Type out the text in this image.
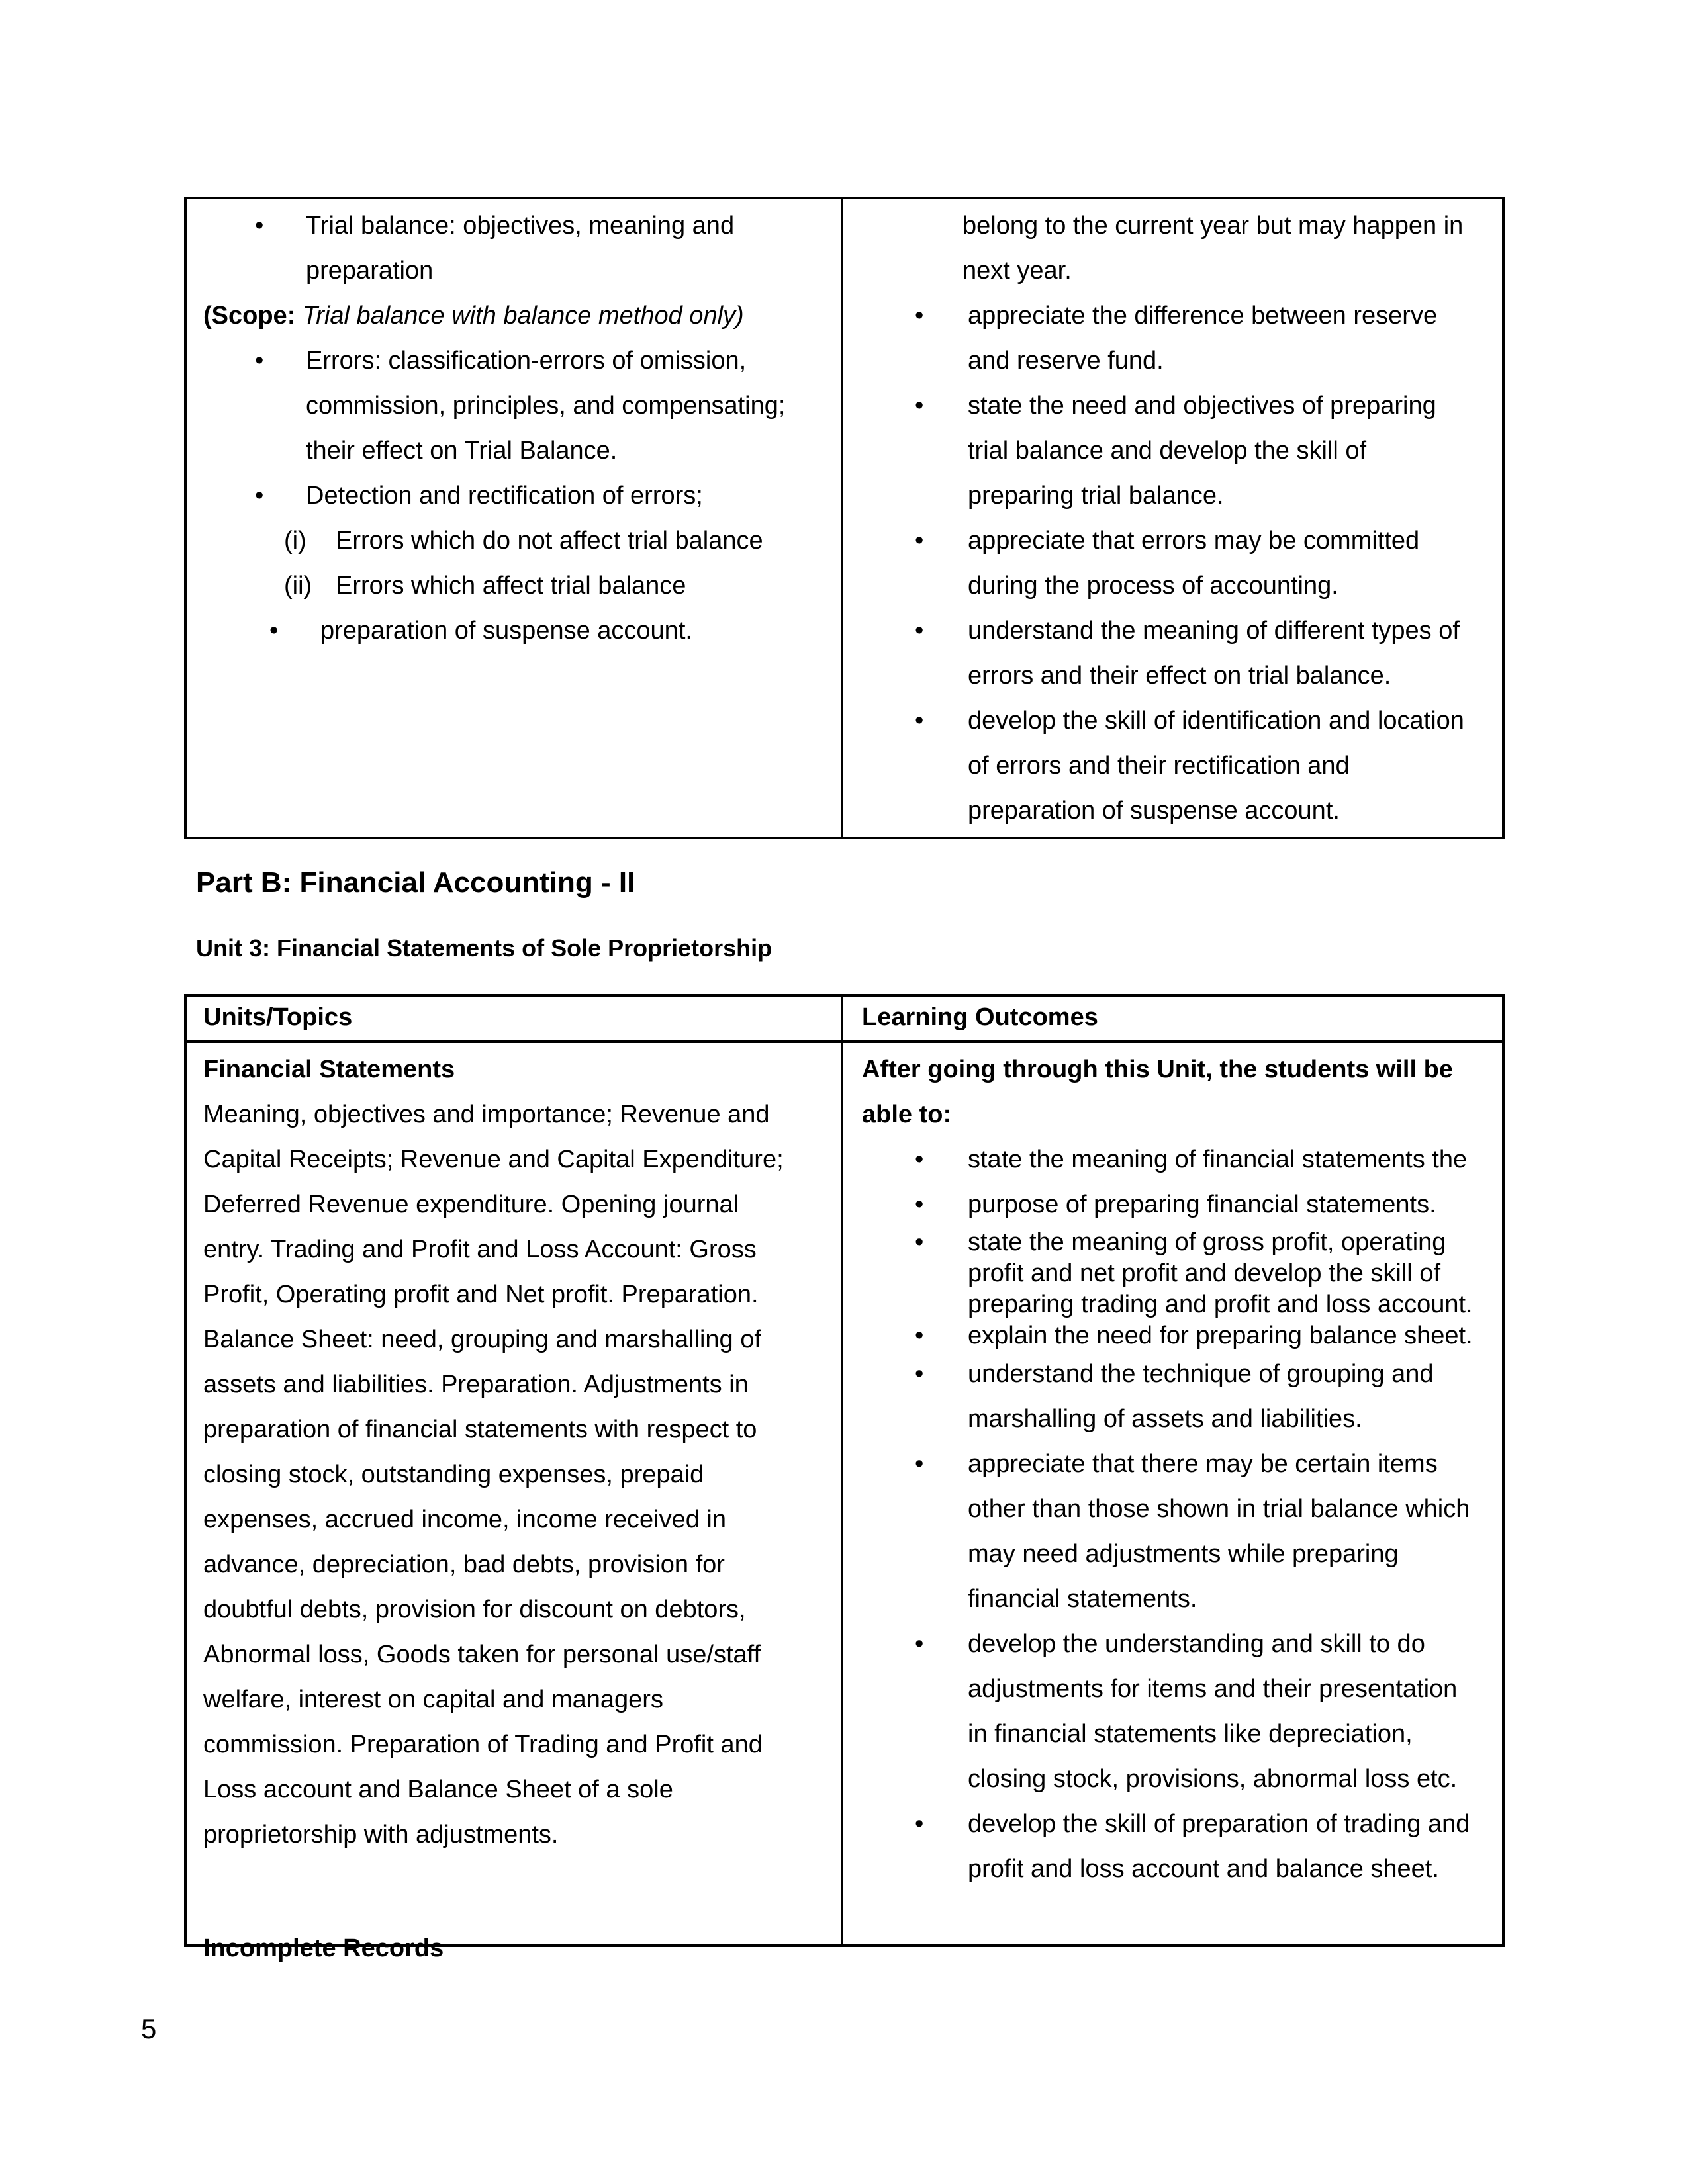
• Trial balance: objectives, meaning and
preparation
(Scope: Trial balance with balance method only)
• Errors: classification-errors of omission,
commission, principles, and compensating;
their effect on Trial Balance.
• Detection and rectification of errors;
(i) Errors which do not affect trial balance
(ii) Errors which affect trial balance
• preparation of suspense account.
belong to the current year but may happen in
next year.
• appreciate the difference between reserve
and reserve fund.
• state the need and objectives of preparing
trial balance and develop the skill of
preparing trial balance.
• appreciate that errors may be committed
during the process of accounting.
• understand the meaning of different types of
errors and their effect on trial balance.
• develop the skill of identification and location
of errors and their rectification and
preparation of suspense account.
Part B: Financial Accounting - II
Unit 3: Financial Statements of Sole Proprietorship
Units/Topics	Learning Outcomes
Financial Statements
Meaning, objectives and importance; Revenue and
Capital Receipts; Revenue and Capital Expenditure;
Deferred Revenue expenditure. Opening journal
entry. Trading and Profit and Loss Account: Gross
Profit, Operating profit and Net profit. Preparation.
Balance Sheet: need, grouping and marshalling of
assets and liabilities. Preparation. Adjustments in
preparation of financial statements with respect to
closing stock, outstanding expenses, prepaid
expenses, accrued income, income received in
advance, depreciation, bad debts, provision for
doubtful debts, provision for discount on debtors,
Abnormal loss, Goods taken for personal use/staff
welfare, interest on capital and managers
commission. Preparation of Trading and Profit and
Loss account and Balance Sheet of a sole
proprietorship with adjustments.
Incomplete Records
After going through this Unit, the students will be
able to:
• state the meaning of financial statements the
• purpose of preparing financial statements.
• state the meaning of gross profit, operating
profit and net profit and develop the skill of
preparing trading and profit and loss account.
• explain the need for preparing balance sheet.
• understand the technique of grouping and
marshalling of assets and liabilities.
• appreciate that there may be certain items
other than those shown in trial balance which
may need adjustments while preparing
financial statements.
• develop the understanding and skill to do
adjustments for items and their presentation
in financial statements like depreciation,
closing stock, provisions, abnormal loss etc.
• develop the skill of preparation of trading and
profit and loss account and balance sheet.
5
